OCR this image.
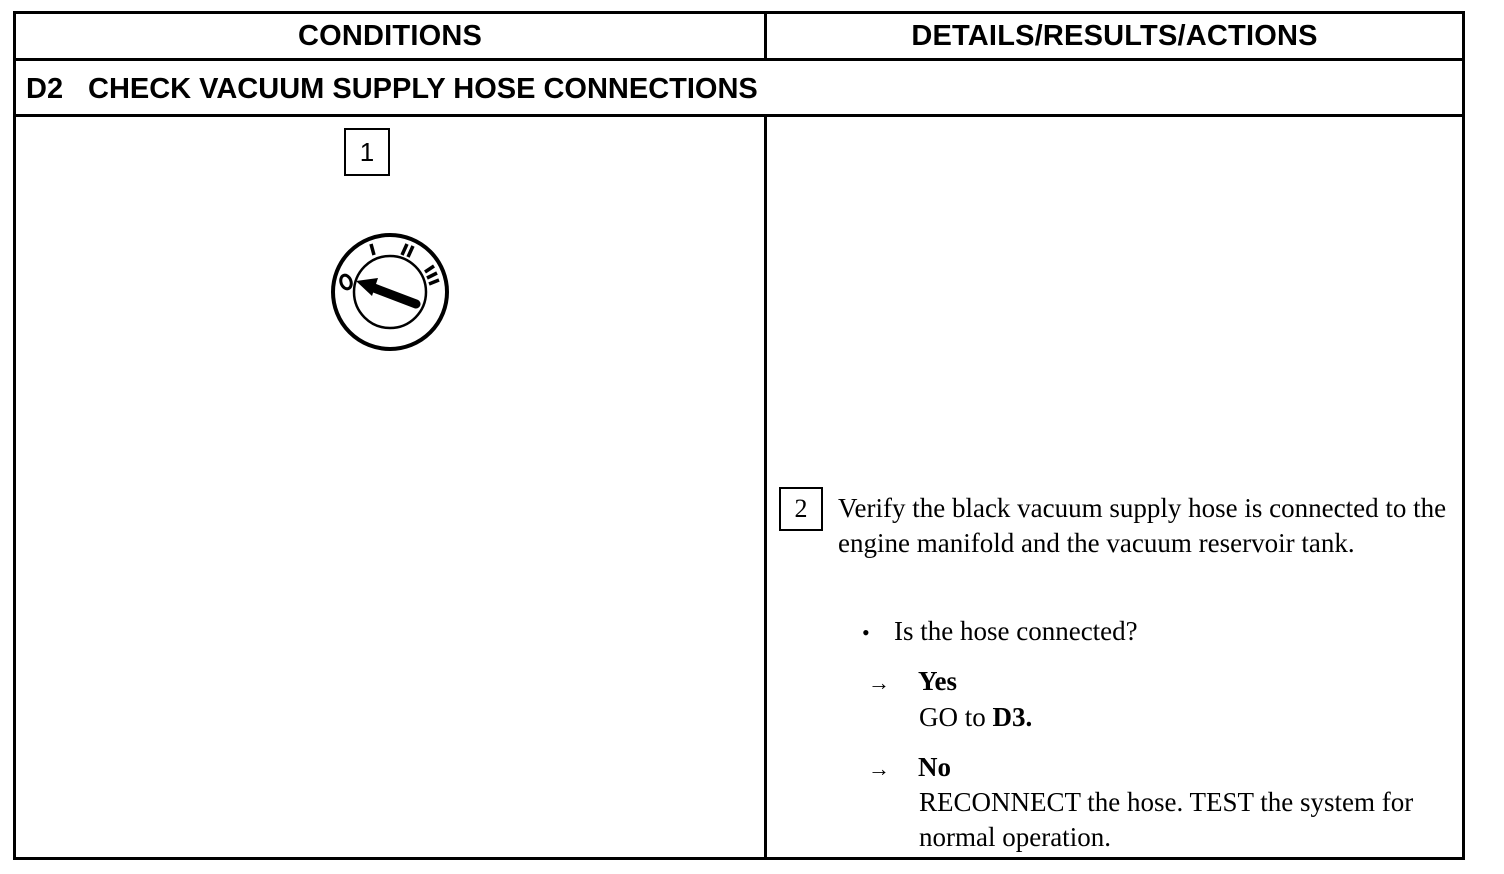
CONDITIONS	DETAILS/RESULTS/ACTIONS
D2 CHECK VACUUM SUPPLY HOSE CONNECTIONS
1
2	Verify the black vacuum supply hose is connected to the engine manifold and the vacuum reservoir tank.
• Is the hose connected?
→ Yes
GO to D3.
→ No
RECONNECT the hose. TEST the system for normal operation.
